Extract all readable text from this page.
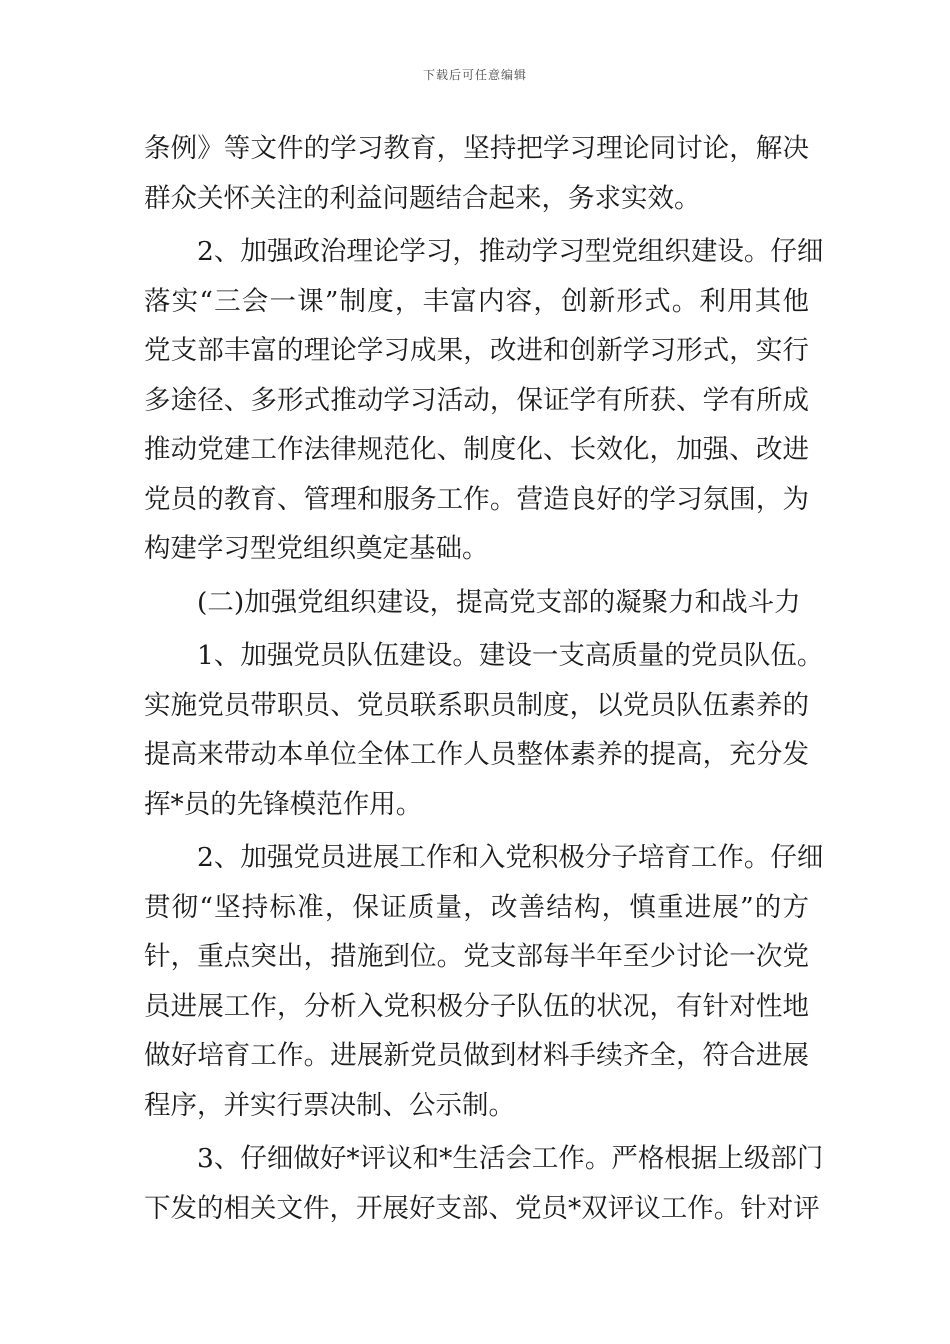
下载后可任意编辑
条例》等文件的学习教育，坚持把学习理论同讨论，解决
群众关怀关注的利益问题结合起来，务求实效。
2、加强政治理论学习，推动学习型党组织建设。仔细
落实“三会一课”制度，丰富内容，创新形式。利用其他
党支部丰富的理论学习成果，改进和创新学习形式，实行
多途径、多形式推动学习活动，保证学有所获、学有所成
推动党建工作法律规范化、制度化、长效化，加强、改进
党员的教育、管理和服务工作。营造良好的学习氛围，为
构建学习型党组织奠定基础。
(二)加强党组织建设，提高党支部的凝聚力和战斗力
1、加强党员队伍建设。建设一支高质量的党员队伍。
实施党员带职员、党员联系职员制度，以党员队伍素养的
提高来带动本单位全体工作人员整体素养的提高，充分发
挥*员的先锋模范作用。
2、加强党员进展工作和入党积极分子培育工作。仔细
贯彻“坚持标准，保证质量，改善结构，慎重进展”的方
针，重点突出，措施到位。党支部每半年至少讨论一次党
员进展工作，分析入党积极分子队伍的状况，有针对性地
做好培育工作。进展新党员做到材料手续齐全，符合进展
程序，并实行票决制、公示制。
3、仔细做好*评议和*生活会工作。严格根据上级部门
下发的相关文件，开展好支部、党员*双评议工作。针对评
